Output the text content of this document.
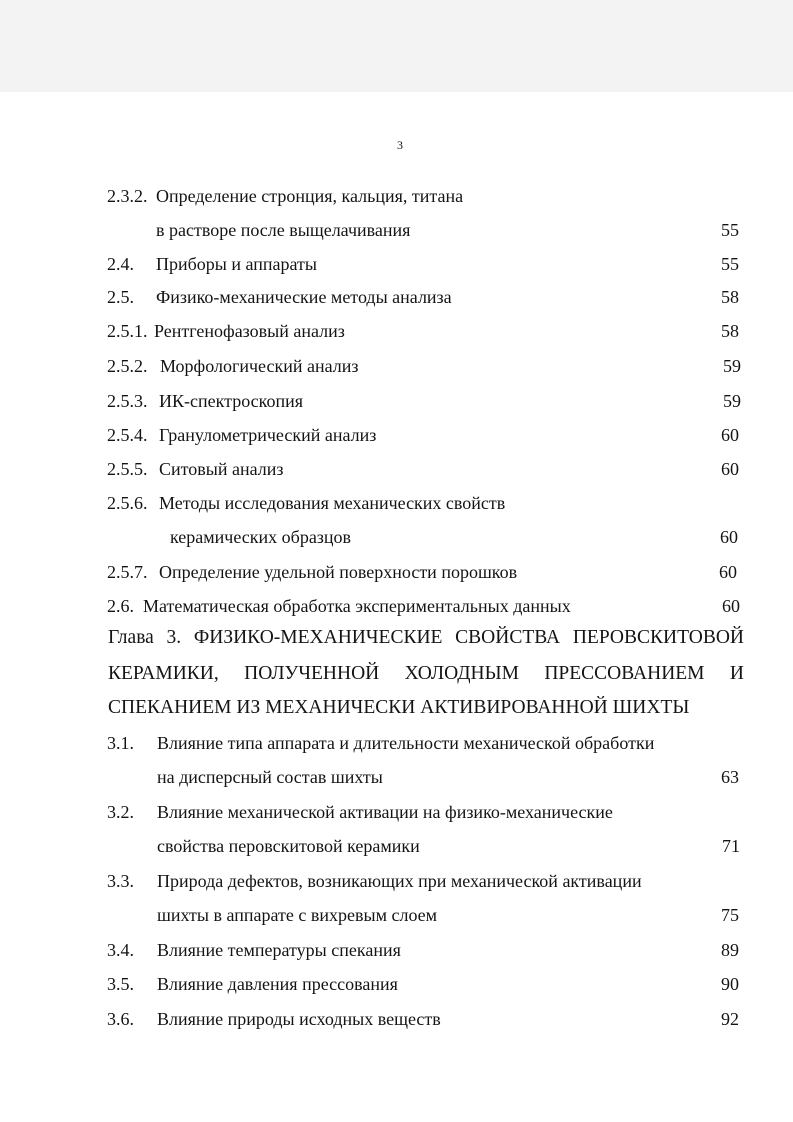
3
2.3.2. Определение стронция, кальция, титана
в растворе после выщелачивания	55
2.4. Приборы и аппараты	55
2.5. Физико-механические методы анализа	58
2.5.1. Рентгенофазовый анализ	58
2.5.2. Морфологический анализ	59
2.5.3. ИК-спектроскопия	59
2.5.4. Гранулометрический анализ	60
2.5.5. Ситовый анализ	60
2.5.6. Методы исследования механических свойств
керамических образцов	60
2.5.7. Определение удельной поверхности порошков	60
2.6. Математическая обработка экспериментальных данных	60
Глава 3. ФИЗИКО-МЕХАНИЧЕСКИЕ СВОЙСТВА ПЕРОВСКИТОВОЙ
КЕРАМИКИ, ПОЛУЧЕННОЙ ХОЛОДНЫМ ПРЕССОВАНИЕМ И
СПЕКАНИЕМ ИЗ МЕХАНИЧЕСКИ АКТИВИРОВАННОЙ ШИХТЫ
3.1. Влияние типа аппарата и длительности механической обработки
на дисперсный состав шихты	63
3.2. Влияние механической активации на физико-механические
свойства перовскитовой керамики	71
3.3. Природа дефектов, возникающих при механической активации
шихты в аппарате с вихревым слоем	75
3.4. Влияние температуры спекания	89
3.5. Влияние давления прессования	90
3.6. Влияние природы исходных веществ	92
